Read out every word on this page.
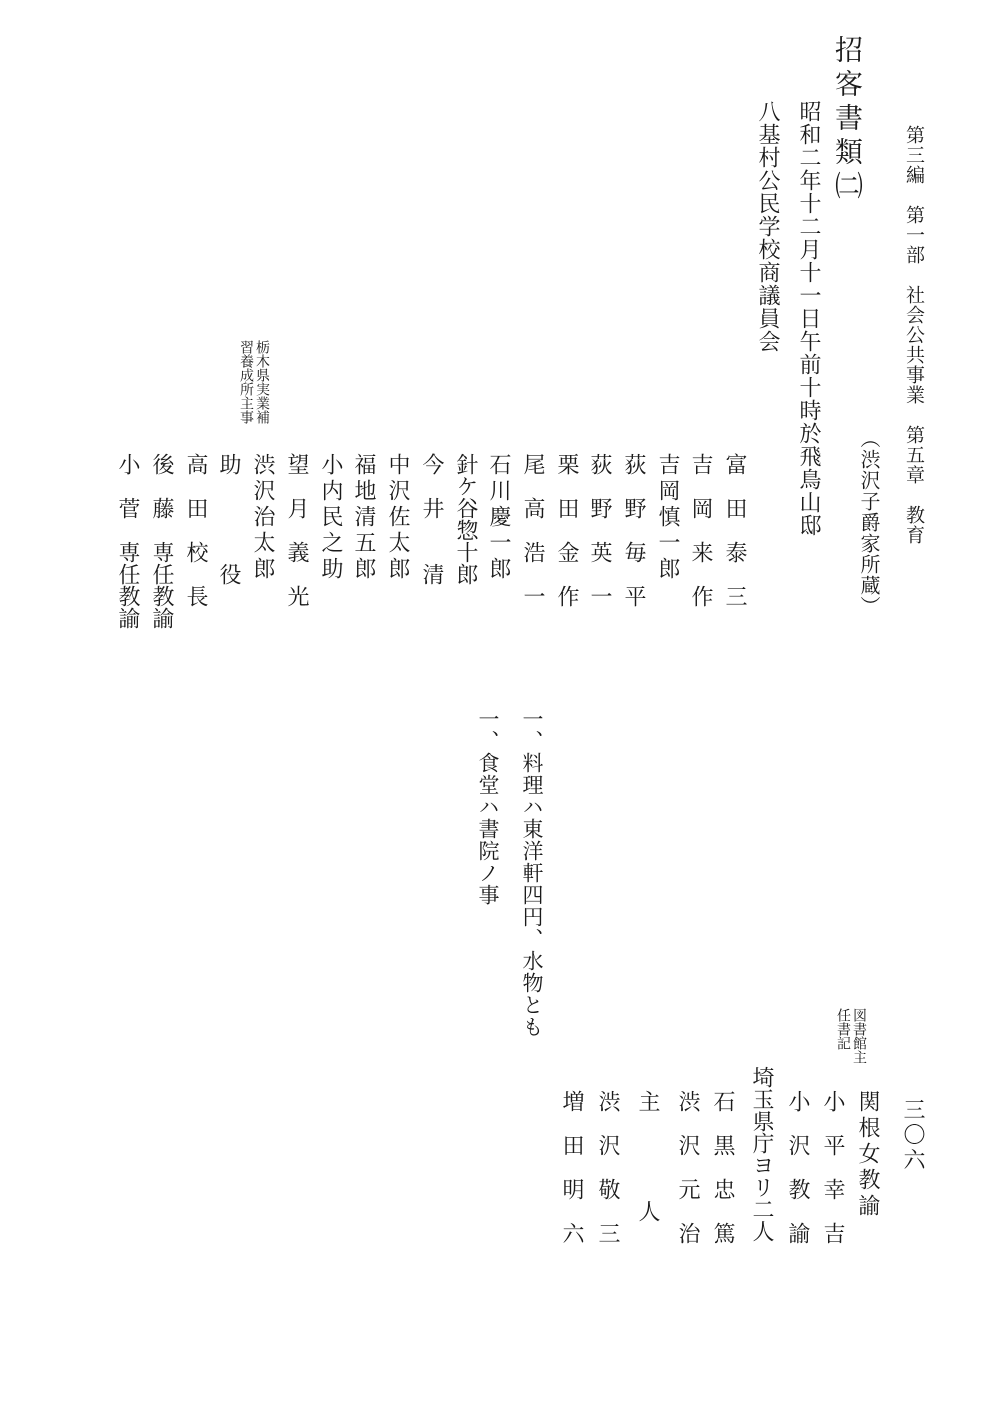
第三編　第一部　社会公共事業　第五章　教育
（渋沢子爵家所蔵）
招客書類㈡
昭和二年十二月十一日午前十時於飛鳥山邸
八基村公民学校商議員会
富　田　泰　三
吉　岡　来　作
吉岡慎一郎
荻　野　毎　平
荻　野　英　一
栗　田　金　作
尾　高　浩　一
石川慶一郎
針ケ谷惣十郎
今　井　　清
中沢佐太郎
福地清五郎
小内民之助
望　月　義　光
渋沢治太郎
助　　　　役
高　田　校　長
後　藤　専任教諭
小　菅　専任教諭
栃木県実業補
習養成所主事
一、料理ハ東洋軒四円、水物とも
一、食堂ハ書院ノ事
三〇六
図書館主
任書記
関根女教諭
小　平　幸　吉
小　沢　教　諭
埼玉県庁ヨリ二人
石　黒　忠　篤
渋　沢　元　治
主　　　　人
渋　沢　敬　三
増　田　明　六
